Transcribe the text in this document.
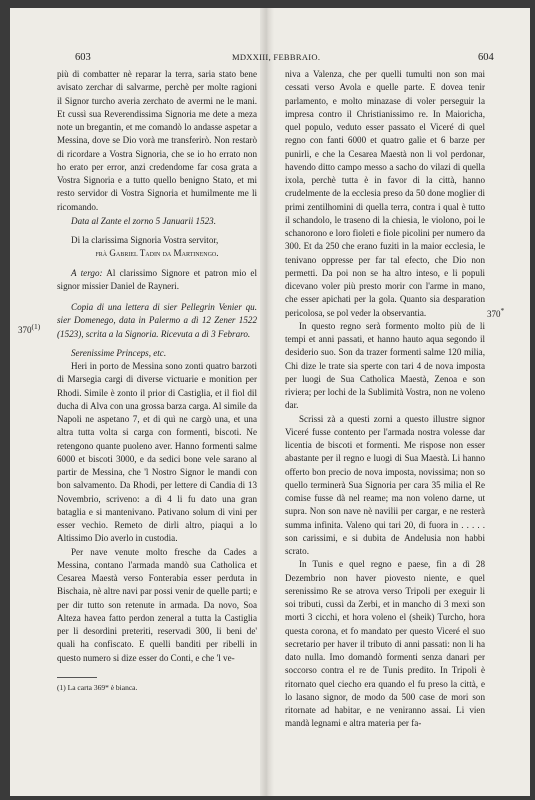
603	MDXXIII, FEBBRAIO.	604
370$^{(1)}$
370*

più di combatter nè reparar la terra, saria stato bene avisato zerchar di salvarme, perchè per molte ragioni il Signor turcho averia zerchato de avermi ne le mani. Et cussì sua Reverendissima Signoria me dete a meza note un bregantin, et me comandò lo andasse aspetar a Messina, dove se Dio vorà me transferirò. Non restarò di ricordare a Vostra Signoria, che se io ho errato non ho erato per error, anzi credendome far cosa grata a Vostra Signoria e a tutto quello benigno Stato, et mi resto servidor di Vostra Signoria et humilmente me li ricomando.

Data al Zante el zorno 5 Januarii 1523.

Di la clarissima Signoria Vostra servitor,

frà Gabriel Tadin da Martinengo.

A tergo: Al clarissimo Signore et patron mio el signor missier Daniel de Rayneri.

Copia di una lettera di sier Pellegrin Venier qu. sier Domenego, data in Palermo a dì 12 Zener 1522 (1523), scrita a la Signoria. Ricevuta a dì 3 Febraro.

Serenissime Princeps, etc.

Heri in porto de Messina sono zonti quatro barzoti di Marsegia cargi di diverse victuarie e monition per Rhodi. Simile è zonto il prior di Castiglia, et il fiol dil ducha di Alva con una grossa barza carga. Al simile da Napoli ne aspetano 7, et di quì ne cargò una, et una altra tutta volta si carga con formenti, biscoti. Ne retengono quante puoleno aver. Hanno formenti salme 6000 et biscoti 3000, e da sedici bone vele sarano al partir de Messina, che 'l Nostro Signor le mandi con bon salvamento. Da Rhodi, per lettere di Candia di 13 Novembrio, scriveno: a dì 4 li fu dato una gran bataglia e si mantenivano. Pativano solum di vini per esser vechio. Remeto de dirli altro, piaqui a lo Altissimo Dio averlo in custodia.

Per nave venute molto fresche da Cades a Messina, contano l'armada mandò sua Catholica et Cesarea Maestà verso Fonterabia esser perduta in Bischaia, nè altre navi par possi venir de quelle parti; e per dir tutto son retenute in armada. Da novo, Soa Alteza havea fatto perdon zeneral a tutta la Castiglia per li desordini preteriti, reservadi 300, li beni de' quali ha confiscato. E quelli banditi per ribelli in questo numero si dize esser do Conti, e che 'l ve-

(1) La carta 369* è bianca.

niva a Valenza, che per quelli tumulti non son mai cessati verso Avola e quelle parte. E dovea tenir parlamento, e molto minazase di voler perseguir la impresa contro il Christianissimo re. In Maioricha, quel populo, veduto esser passato el Viceré di quel regno con fanti 6000 et quatro galìe et 6 barze per punirli, e che la Cesarea Maestà non li vol perdonar, havendo ditto campo messo a sacho do vilazi di quella ixola, perchè tutta è in favor di la città, hanno crudelmente de la ecclesia preso da 50 done moglier di primi zentilhomini di quella terra, contra i qual è tutto il schandolo, le traseno di la chiesia, le violono, poi le schanorono e loro fioleti e fiole picolini per numero da 300. Et da 250 che erano fuziti in la maior ecclesia, le tenivano oppresse per far tal efecto, che Dio non permetti. Da poi non se ha altro inteso, e li populi dicevano voler più presto morir con l'arme in mano, che esser apichati per la gola. Quanto sia desparation pericolosa, se pol veder la observantia.

In questo regno serà formento molto più de li tempi et anni passati, et hanno hauto aqua segondo il desiderio suo. Son da trazer formenti salme 120 milia, Chi dize le trate sia sperte con tari 4 de nova imposta per luogi de Sua Catholica Maestà, Zenoa e son riviera; per lochi de la Sublimità Vostra, non ne voleno dar.

Scrissi zà a questi zorni a questo illustre signor Viceré fusse contento per l'armada nostra volesse dar licentia de biscoti et formenti. Me rispose non esser abastante per il regno e luogi di Sua Maestà. Li hanno offerto bon precio de nova imposta, novissima; non so quello terminerà Sua Signoria per cara 35 milia el Re comise fusse dà nel reame; ma non voleno darne, ut supra. Non son nave nè navilii per cargar, e ne resterà summa infinita. Valeno qui tari 20, di fuora in . . . . . son carissimi, e si dubita de Andelusia non habbi scrato.

In Tunis e quel regno e paese, fin a dì 28 Dezembrio non haver piovesto niente, e quel serenissimo Re se atrova verso Tripoli per exeguir li soi tributi, cussì da Zerbi, et in mancho di 3 mexi son morti 3 cicchi, et hora voleno el (sheik) Turcho, hora questa corona, et fo mandato per questo Viceré el suo secretario per haver il tributo di anni passati: non li ha dato nulla. Imo domandò formenti senza danari per soccorso contra el re de Tunis predito. In Tripoli è ritornato quel ciecho era quando el fu preso la città, e lo lasano signor, de modo da 500 case de mori son ritornate ad habitar, e ne veniranno assai. Li vien mandà legnami e altra materia per fa-
